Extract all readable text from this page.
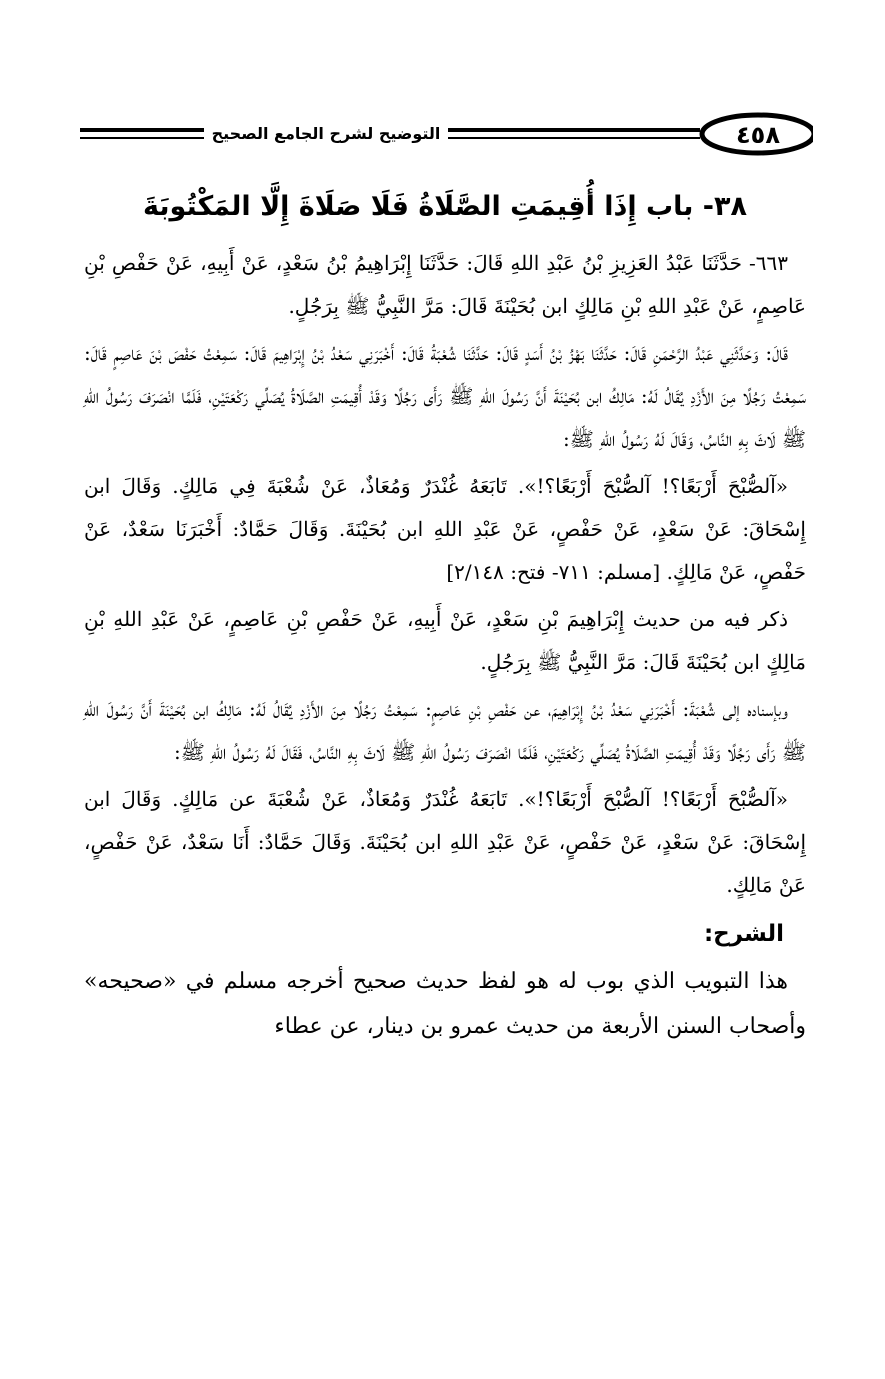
٤٥٨
التوضيح لشرح الجامع الصحيح
٣٨- باب إِذَا أُقِيمَتِ الصَّلَاةُ فَلَا صَلَاةَ إِلَّا المَكْتُوبَةَ

٦٦٣- حَدَّثَنَا عَبْدُ العَزِيزِ بْنُ عَبْدِ اللهِ قَالَ: حَدَّثَنَا إِبْرَاهِيمُ بْنُ سَعْدٍ، عَنْ أَبِيهِ، عَنْ حَفْصِ بْنِ عَاصِمٍ، عَنْ عَبْدِ اللهِ بْنِ مَالِكٍ ابن بُحَيْنَةَ قَالَ: مَرَّ النَّبِيُّ ﷺ بِرَجُلٍ.

قَالَ: وَحَدَّثَنِي عَبْدُ الرَّحْمَنِ قَالَ: حَدَّثَنَا بَهْزُ بْنُ أَسَدٍ قَالَ: حَدَّثَنَا شُعْبَةُ قَالَ: أَخْبَرَنِي سَعْدُ بْنُ إِبْرَاهِيمَ قَالَ: سَمِعْتُ حَفْصَ بْنَ عَاصِمٍ قَالَ: سَمِعْتُ رَجُلًا مِنَ الأَزْدِ يُقَالُ لَهُ: مَالِكُ ابن بُحَيْنَةَ أَنَّ رَسُولَ اللهِ ﷺ رَأَى رَجُلًا وَقَدْ أُقِيمَتِ الصَّلَاةُ يُصَلِّي رَكْعَتَيْنِ، فَلَمَّا انْصَرَفَ رَسُولُ اللهِ ﷺ لَاثَ بِهِ النَّاسُ، وَقَالَ لَهُ رَسُولُ اللهِ ﷺ:

«آلصُّبْحَ أَرْبَعًا؟! آلصُّبْحَ أَرْبَعًا؟!». تَابَعَهُ غُنْدَرٌ وَمُعَاذٌ، عَنْ شُعْبَةَ فِي مَالِكٍ. وَقَالَ ابن إِسْحَاقَ: عَنْ سَعْدٍ، عَنْ حَفْصٍ، عَنْ عَبْدِ اللهِ ابن بُحَيْنَةَ. وَقَالَ حَمَّادٌ: أَخْبَرَنَا سَعْدٌ، عَنْ حَفْصٍ، عَنْ مَالِكٍ. [مسلم: ٧١١- فتح: ٢/١٤٨]

ذكر فيه من حديث إِبْرَاهِيمَ بْنِ سَعْدٍ، عَنْ أَبِيهِ، عَنْ حَفْصِ بْنِ عَاصِمٍ، عَنْ عَبْدِ اللهِ بْنِ مَالِكٍ ابن بُحَيْنَةَ قَالَ: مَرَّ النَّبِيُّ ﷺ بِرَجُلٍ.

وبإسناده إلى شُعْبَةَ: أَخْبَرَنِي سَعْدُ بْنُ إِبْرَاهِيمَ، عن حَفْصِ بْنِ عَاصِمٍ: سَمِعْتُ رَجُلًا مِنَ الأَزْدِ يُقَالُ لَهُ: مَالِكُ ابن بُحَيْنَةَ أَنَّ رَسُولَ اللهِ ﷺ رَأَى رَجُلًا وَقَدْ أُقِيمَتِ الصَّلَاةُ يُصَلِّي رَكْعَتَيْنِ، فَلَمَّا انْصَرَفَ رَسُولُ اللهِ ﷺ لَاثَ بِهِ النَّاسُ، فَقَالَ لَهُ رَسُولُ اللهِ ﷺ:

«آلصُّبْحَ أَرْبَعًا؟! آلصُّبْحَ أَرْبَعًا؟!». تَابَعَهُ غُنْدَرٌ وَمُعَاذٌ، عَنْ شُعْبَةَ عن مَالِكٍ. وَقَالَ ابن إِسْحَاقَ: عَنْ سَعْدٍ، عَنْ حَفْصٍ، عَنْ عَبْدِ اللهِ ابن بُحَيْنَةَ. وَقَالَ حَمَّادٌ: أَنَا سَعْدٌ، عَنْ حَفْصٍ، عَنْ مَالِكٍ.

الشرح:

هذا التبويب الذي بوب له هو لفظ حديث صحيح أخرجه مسلم في «صحيحه» وأصحاب السنن الأربعة من حديث عمرو بن دينار، عن عطاء
